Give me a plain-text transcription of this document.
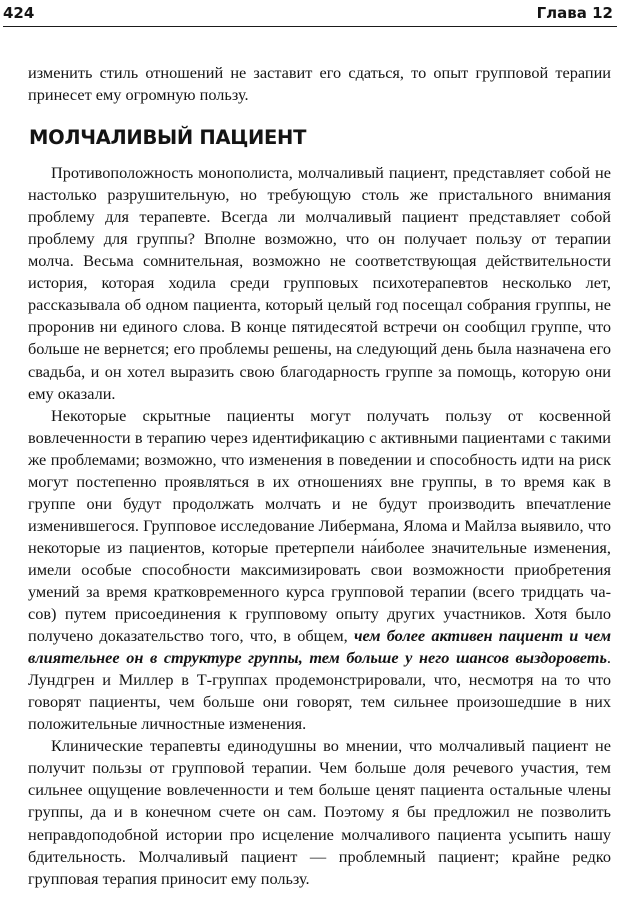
424	Глава 12

изменить стиль отношений не заставит его сдаться, то опыт групповой терапии принесет ему огромную пользу.

МОЛЧАЛИВЫЙ ПАЦИЕНТ

Противоположность монополиста, молчаливый пациент, представляет собой не настолько разрушительную, но требующую столь же пристального внимания проблему для терапевте. Всегда ли молчаливый пациент представляет собой проблему для группы? Вполне возможно, что он получает пользу от терапии молча. Весьма сомнительная, возможно не соответствующая действительности история, которая ходила среди групповых психотерапевтов несколько лет, рассказывала об одном пациента, который целый год посещал собрания группы, не проронив ни единого слова. В конце пятидесятой встречи он сообщил группе, что больше не вернется; его проблемы решены, на следующий день была назначена его свадьба, и он хотел выразить свою благодарность группе за помощь, которую они ему оказали.

Некоторые скрытные пациенты могут получать пользу от косвенной вовлеченности в терапию через идентификацию с активными пациентами с такими же проблемами; возможно, что изменения в поведении и способность идти на риск могут постепенно проявляться в их отношениях вне группы, в то время как в группе они будут продолжать молчать и не будут производить впечатление изменившегося. Групповое исследование Либермана, Ялома и Майлза выявило, что некоторые из пациентов, которые претерпели на́иболее значительные изменения, имели особые способности максимизировать свои возможности приобретения умений за время кратковременного курса групповой терапии (всего тридцать часов) путем присоединения к групповому опыту других участников. Хотя было получено доказательство того, что, в общем, чем более активен пациент и чем влиятельнее он в структуре группы, тем больше у него шансов выздороветь. Лундгрен и Миллер в Т-группах продемонстрировали, что, несмотря на то что говорят пациенты, чем больше они говорят, тем сильнее произошедшие в них положительные личностные изменения.

Клинические терапевты единодушны во мнении, что молчаливый пациент не получит пользы от групповой терапии. Чем больше доля речевого участия, тем сильнее ощущение вовлеченности и тем больше ценят пациента остальные члены группы, да и в конечном счете он сам. Поэтому я бы предложил не позволить неправдоподобной истории про исцеление молчаливого пациента усыпить нашу бдительность. Молчаливый пациент — проблемный пациент; крайне редко групповая терапия приносит ему пользу.
